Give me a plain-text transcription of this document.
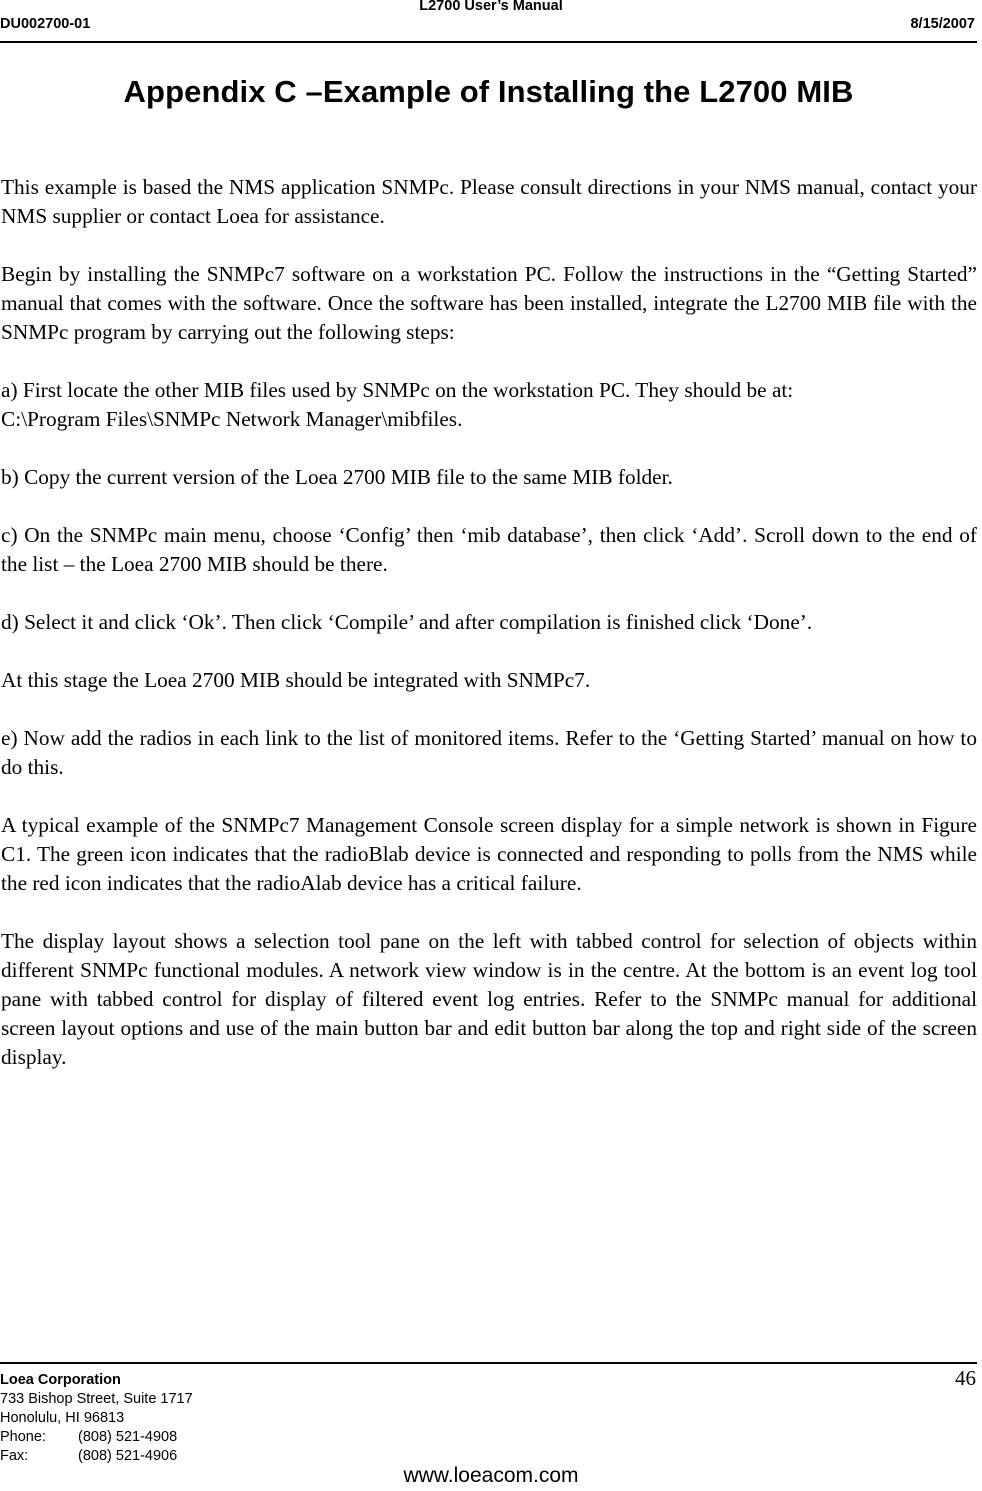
L2700 User’s Manual
DU002700-01	8/15/2007
Appendix C –Example of Installing the L2700 MIB

This example is based the NMS application SNMPc. Please consult directions in your NMS manual, contact your NMS supplier or contact Loea for assistance.

Begin by installing the SNMPc7 software on a workstation PC. Follow the instructions in the “Getting Started” manual that comes with the software. Once the software has been installed, integrate the L2700 MIB file with the SNMPc program by carrying out the following steps:

a) First locate the other MIB files used by SNMPc on the workstation PC. They should be at:
C:\Program Files\SNMPc Network Manager\mibfiles.

b) Copy the current version of the Loea 2700 MIB file to the same MIB folder.

c) On the SNMPc main menu, choose ‘Config’ then ‘mib database’, then click ‘Add’. Scroll down to the end of the list – the Loea 2700 MIB should be there.

d) Select it and click ‘Ok’. Then click ‘Compile’ and after compilation is finished click ‘Done’.

At this stage the Loea 2700 MIB should be integrated with SNMPc7.

e) Now add the radios in each link to the list of monitored items. Refer to the ‘Getting Started’ manual on how to do this.

A typical example of the SNMPc7 Management Console screen display for a simple network is shown in Figure C1. The green icon indicates that the radioBlab device is connected and responding to polls from the NMS while the red icon indicates that the radioAlab device has a critical failure.

The display layout shows a selection tool pane on the left with tabbed control for selection of objects within different SNMPc functional modules. A network view window is in the centre. At the bottom is an event log tool pane with tabbed control for display of filtered event log entries. Refer to the SNMPc manual for additional screen layout options and use of the main button bar and edit button bar along the top and right side of the screen display.

Loea Corporation
733 Bishop Street, Suite 1717
Honolulu, HI 96813
Phone: (808) 521-4908
Fax:	(808) 521-4906
46
www.loeacom.com
